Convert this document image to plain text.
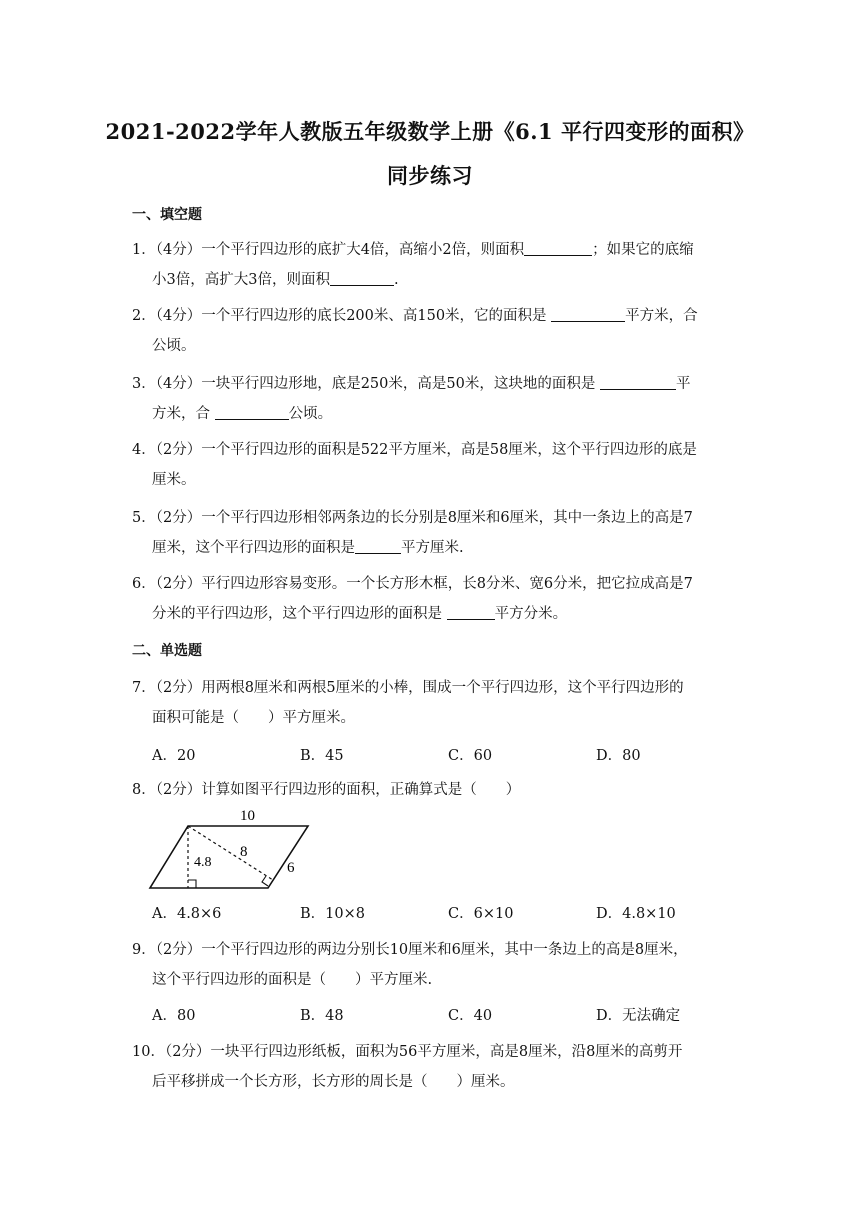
2021-2022学年人教版五年级数学上册《6.1 平行四变形的面积》
同步练习
一、填空题
1．（4分）一个平行四边形的底扩大4倍，高缩小2倍，则面积	；如果它的底缩
小3倍，高扩大3倍，则面积	.
2．（4分）一个平行四边形的底长200米、高150米，它的面积是	平方米，合
公顷。
3．（4分）一块平行四边形地，底是250米，高是50米，这块地的面积是	平
方米，合	公顷。
4．（2分）一个平行四边形的面积是522平方厘米，高是58厘米，这个平行四边形的底是
厘米。
5．（2分）一个平行四边形相邻两条边的长分别是8厘米和6厘米，其中一条边上的高是7
厘米，这个平行四边形的面积是	平方厘米.
6．（2分）平行四边形容易变形。一个长方形木框，长8分米、宽6分米，把它拉成高是7
分米的平行四边形，这个平行四边形的面积是	平方分米。
二、单选题
7．（2分）用两根8厘米和两根5厘米的小棒，围成一个平行四边形，这个平行四边形的
面积可能是（　　）平方厘米。
A．20	B．45	C．60	D．80
8．（2分）计算如图平行四边形的面积，正确算式是（　　）
10
8
4.8	6
A．4.8×6	B．10×8	C．6×10	D．4.8×10
9．（2分）一个平行四边形的两边分别长10厘米和6厘米，其中一条边上的高是8厘米，
这个平行四边形的面积是（　　）平方厘米.
A．80	B．48	C．40	D．无法确定
10．（2分）一块平行四边形纸板，面积为56平方厘米，高是8厘米，沿8厘米的高剪开
后平移拼成一个长方形，长方形的周长是（　　）厘米。
